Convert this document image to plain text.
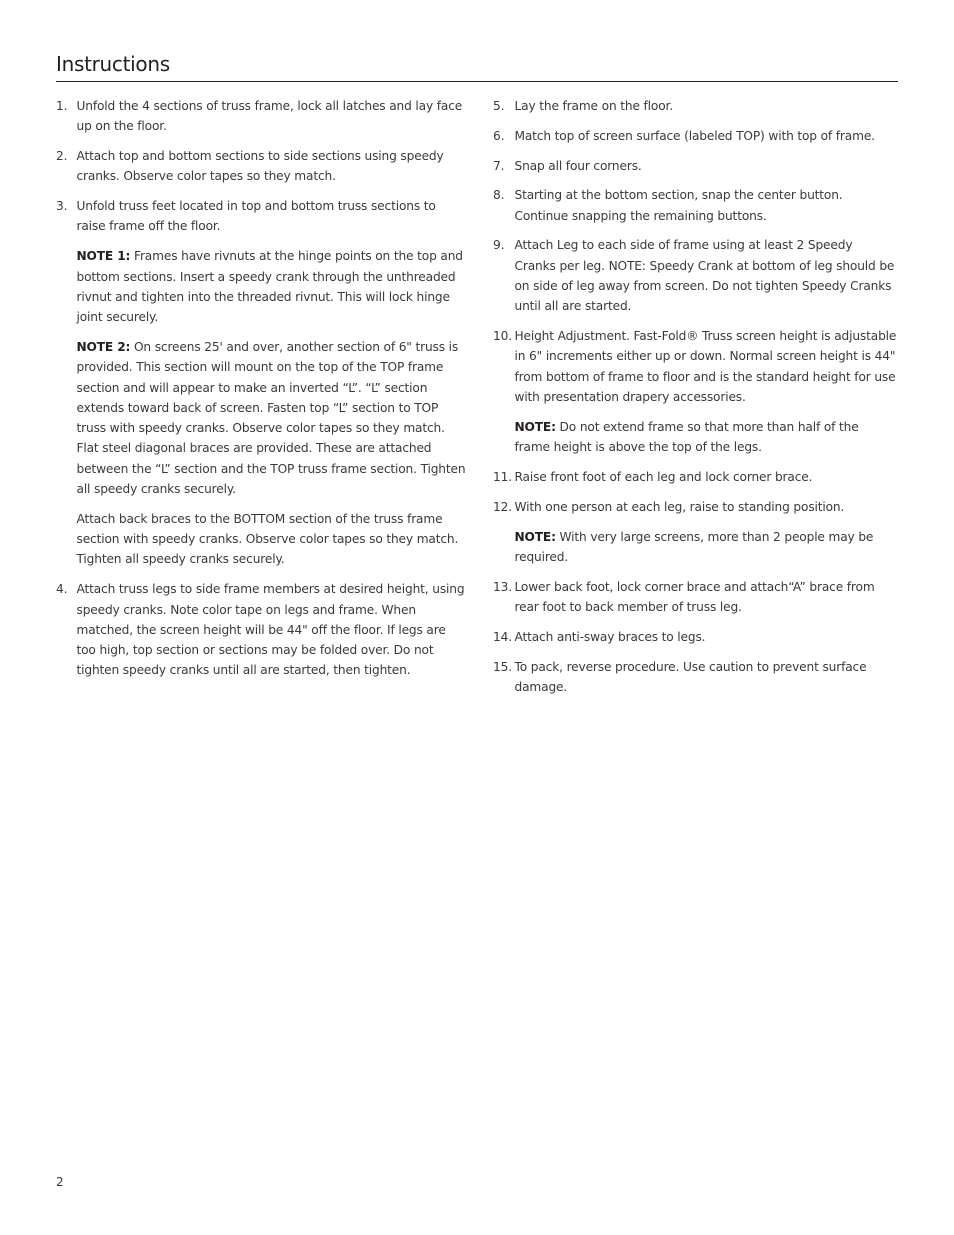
Instructions
1. Unfold the 4 sections of truss frame, lock all latches and lay face up on the floor.

2. Attach top and bottom sections to side sections using speedy cranks. Observe color tapes so they match.

3. Unfold truss feet located in top and bottom truss sections to raise frame off the floor.

NOTE 1: Frames have rivnuts at the hinge points on the top and bottom sections. Insert a speedy crank through the unthreaded rivnut and tighten into the threaded rivnut. This will lock hinge joint securely.

NOTE 2: On screens 25' and over, another section of 6" truss is provided. This section will mount on the top of the TOP frame section and will appear to make an inverted “L”. “L” section extends toward back of screen. Fasten top “L” section to TOP truss with speedy cranks. Observe color tapes so they match. Flat steel diagonal braces are provided. These are attached between the “L” section and the TOP truss frame section. Tighten all speedy cranks securely.

Attach back braces to the BOTTOM section of the truss frame section with speedy cranks. Observe color tapes so they match. Tighten all speedy cranks securely.

4. Attach truss legs to side frame members at desired height, using speedy cranks. Note color tape on legs and frame. When matched, the screen height will be 44" off the floor. If legs are too high, top section or sections may be folded over. Do not tighten speedy cranks until all are started, then tighten.

5. Lay the frame on the floor.

6. Match top of screen surface (labeled TOP) with top of frame.

7. Snap all four corners.

8. Starting at the bottom section, snap the center button. Continue snapping the remaining buttons.

9. Attach Leg to each side of frame using at least 2 Speedy Cranks per leg. NOTE: Speedy Crank at bottom of leg should be on side of leg away from screen. Do not tighten Speedy Cranks until all are started.

10. Height Adjustment. Fast-Fold® Truss screen height is adjustable in 6" increments either up or down. Normal screen height is 44" from bottom of frame to floor and is the standard height for use with presentation drapery accessories.

NOTE: Do not extend frame so that more than half of the frame height is above the top of the legs.

11. Raise front foot of each leg and lock corner brace.

12. With one person at each leg, raise to standing position.

NOTE: With very large screens, more than 2 people may be required.

13. Lower back foot, lock corner brace and attach“A” brace from rear foot to back member of truss leg.

14. Attach anti-sway braces to legs.

15. To pack, reverse procedure. Use caution to prevent surface damage.

2
